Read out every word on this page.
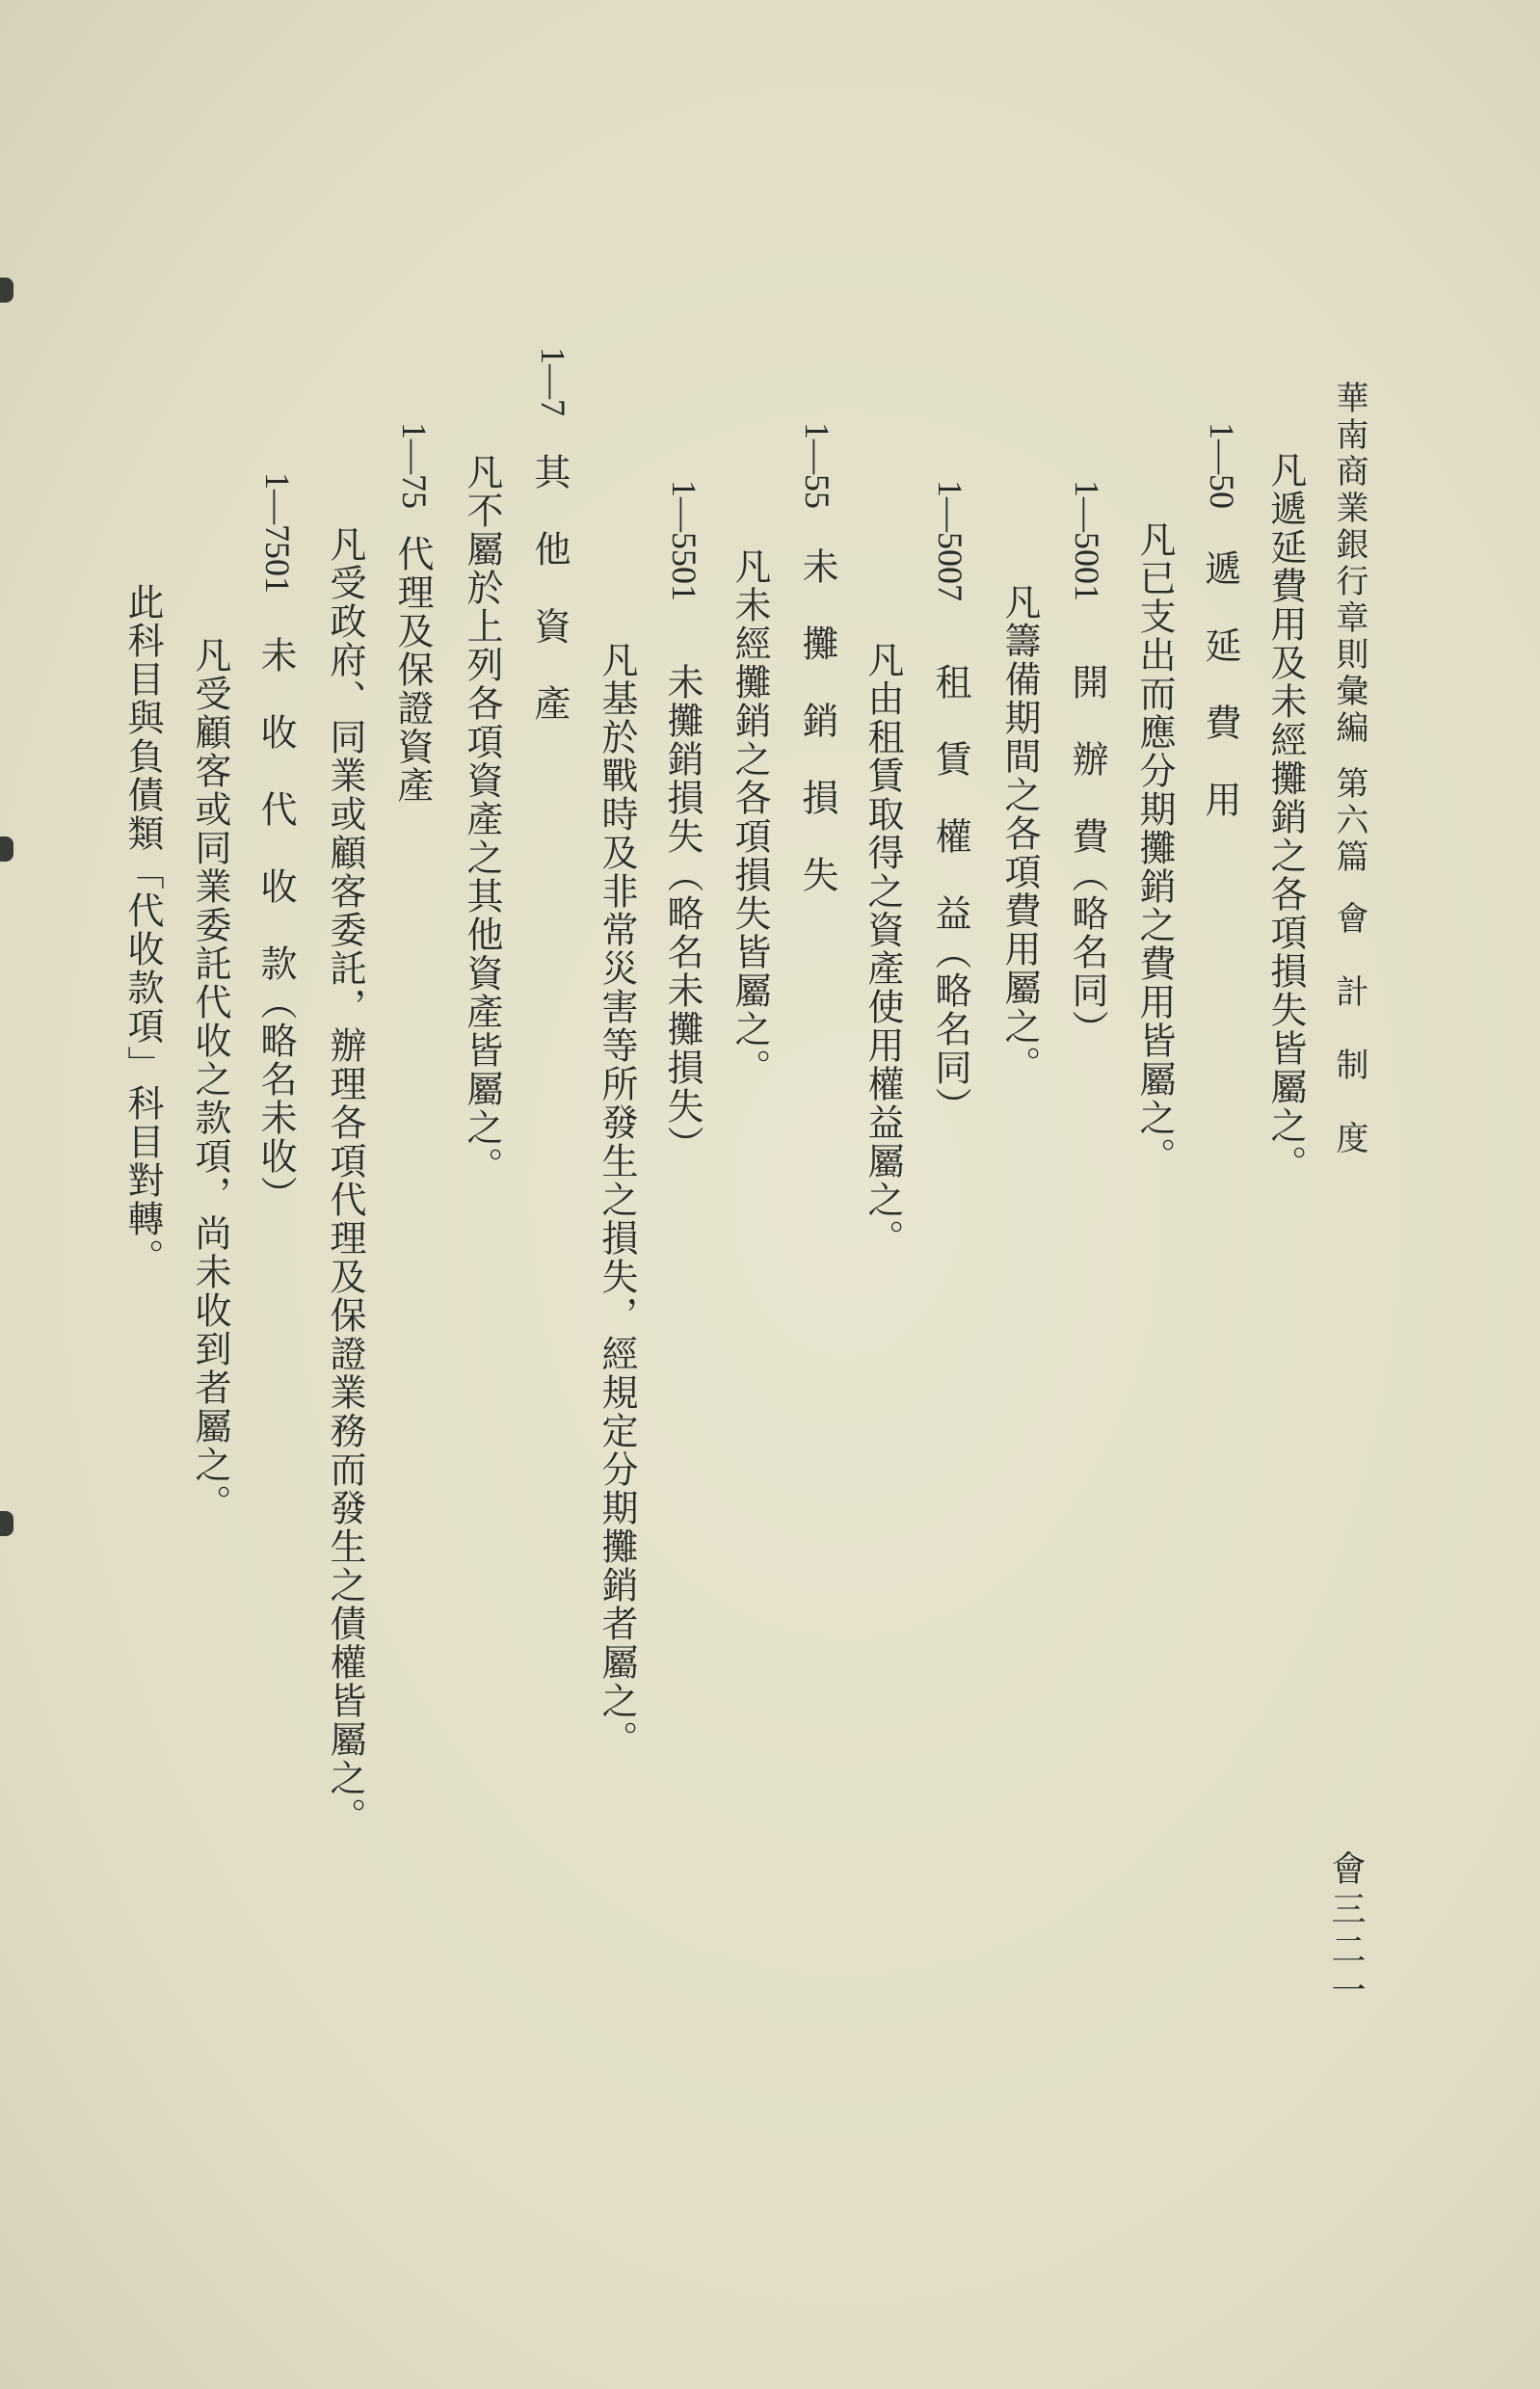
華南商業銀行章則彙編
第六篇
會　計　制　度
會三二一
凡遞延費用及未經攤銷之各項損失皆屬之。
1—50
遞　延　費　用
凡已支出而應分期攤銷之費用皆屬之。
1—5001
開　辦　費（略名同）
凡籌備期間之各項費用屬之。
1—5007
租　賃　權　益（略名同）
凡由租賃取得之資產使用權益屬之。
1—55
未　攤　銷　損　失
凡未經攤銷之各項損失皆屬之。
1—5501
未攤銷損失（略名未攤損失）
凡基於戰時及非常災害等所發生之損失，經規定分期攤銷者屬之。
1—7
其　他　資　產
凡不屬於上列各項資產之其他資產皆屬之。
1—75
代理及保證資產
凡受政府、同業或顧客委託，辦理各項代理及保證業務而發生之債權皆屬之。
1—7501
未　收　代　收　款（略名未收）
凡受顧客或同業委託代收之款項，尚未收到者屬之。
此科目與負債類「代收款項」科目對轉。
